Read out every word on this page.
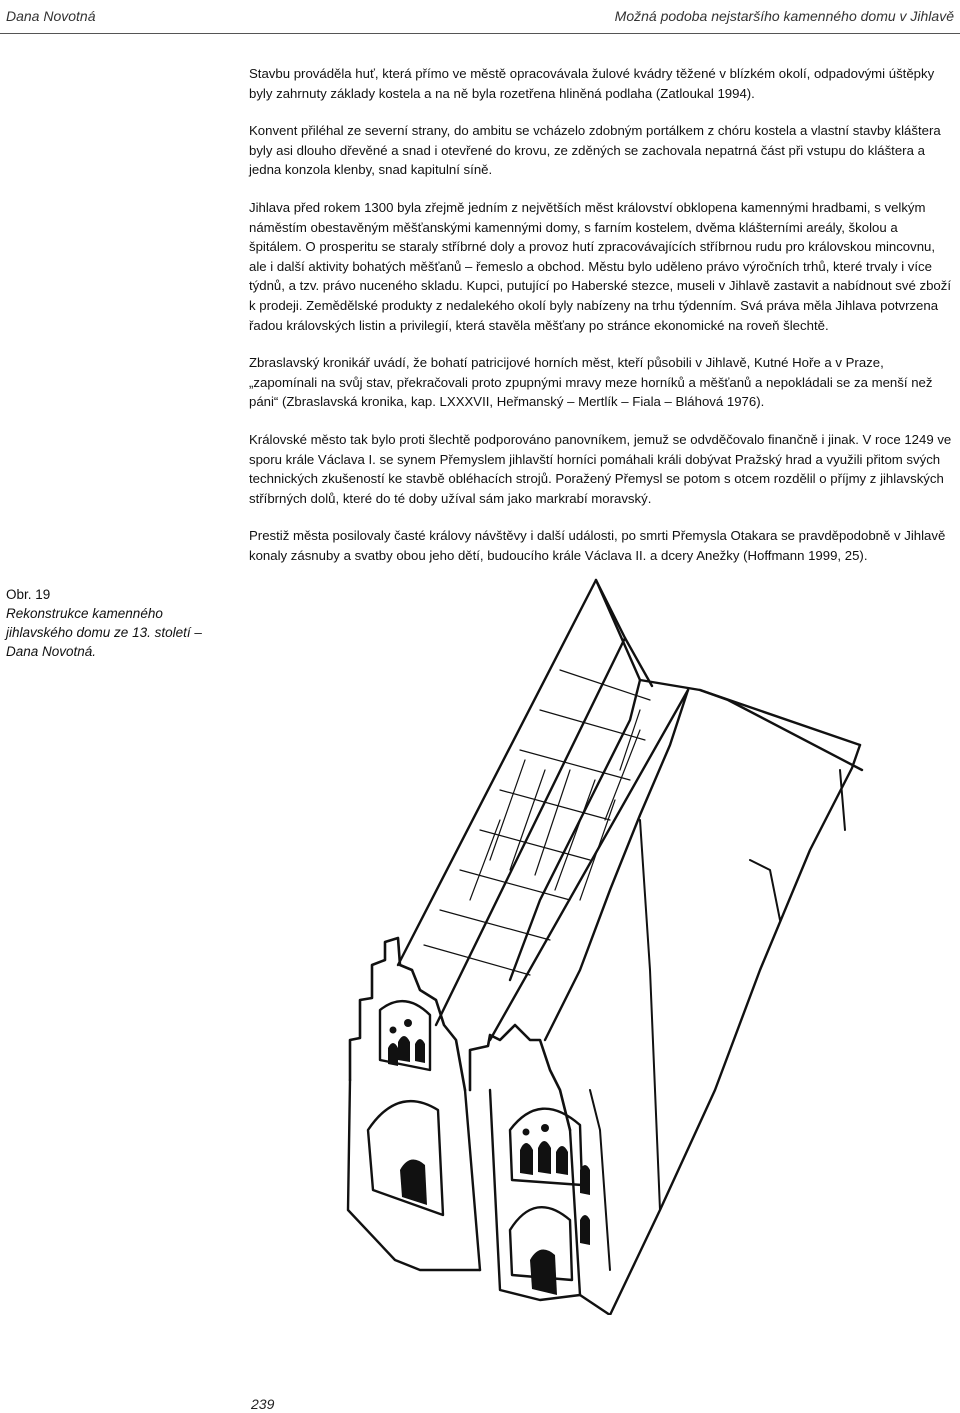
Dana Novotná	Možná podoba nejstaršího kamenného domu v Jihlavě

Stavbu prováděla huť, která přímo ve městě opracovávala žulové kvádry těžené v blízkém okolí, odpadovými úštěpky byly zahrnuty základy kostela a na ně byla rozetřena hliněná podlaha (Zatloukal 1994).

Konvent přiléhal ze severní strany, do ambitu se vcházelo zdobným portálkem z chóru kostela a vlastní stavby kláštera byly asi dlouho dřevěné a snad i otevřené do krovu, ze zděných se zachovala nepatrná část při vstupu do kláštera a jedna konzola klenby, snad kapitulní síně.

Jihlava před rokem 1300 byla zřejmě jedním z největších měst království obklopena kamennými hradbami, s velkým náměstím obestavěným měšťanskými kamennými domy, s farním kostelem, dvěma klášterními areály, školou a špitálem. O prosperitu se staraly stříbrné doly a provoz hutí zpracovávajících stříbrnou rudu pro královskou mincovnu, ale i další aktivity bohatých měšťanů – řemeslo a obchod. Městu bylo uděleno právo výročních trhů, které trvaly i více týdnů, a tzv. právo nuceného skladu. Kupci, putující po Haberské stezce, museli v Jihlavě zastavit a nabídnout své zboží k prodeji. Zemědělské produkty z nedalekého okolí byly nabízeny na trhu týdenním. Svá práva měla Jihlava potvrzena řadou královských listin a privilegií, která stavěla měšťany po stránce ekonomické na roveň šlechtě.

Zbraslavský kronikář uvádí, že bohatí patricijové horních měst, kteří působili v Jihlavě, Kutné Hoře a v Praze, „zapomínali na svůj stav, překračovali proto zpupnými mravy meze horníků a měšťanů a nepokládali se za menší než páni“ (Zbraslavská kronika, kap. LXXXVII, Heřmanský – Mertlík – Fiala – Bláhová 1976).

Královské město tak bylo proti šlechtě podporováno panovníkem, jemuž se odvděčovalo finančně i jinak. V roce 1249 ve sporu krále Václava I. se synem Přemyslem jihlavští horníci pomáhali králi dobývat Pražský hrad a využili přitom svých technických zkušeností ke stavbě obléhacích strojů. Poražený Přemysl se potom s otcem rozdělil o příjmy z jihlavských stříbrných dolů, které do té doby užíval sám jako markrabí moravský.

Prestiž města posilovaly časté královy návštěvy i další události, po smrti Přemysla Otakara se pravděpodobně v Jihlavě konaly zásnuby a svatby obou jeho dětí, budoucího krále Václava II. a dcery Anežky (Hoffmann 1999, 25).

Obr. 19
Rekonstrukce kamenného jihlavského domu ze 13. století – Dana Novotná.
239
